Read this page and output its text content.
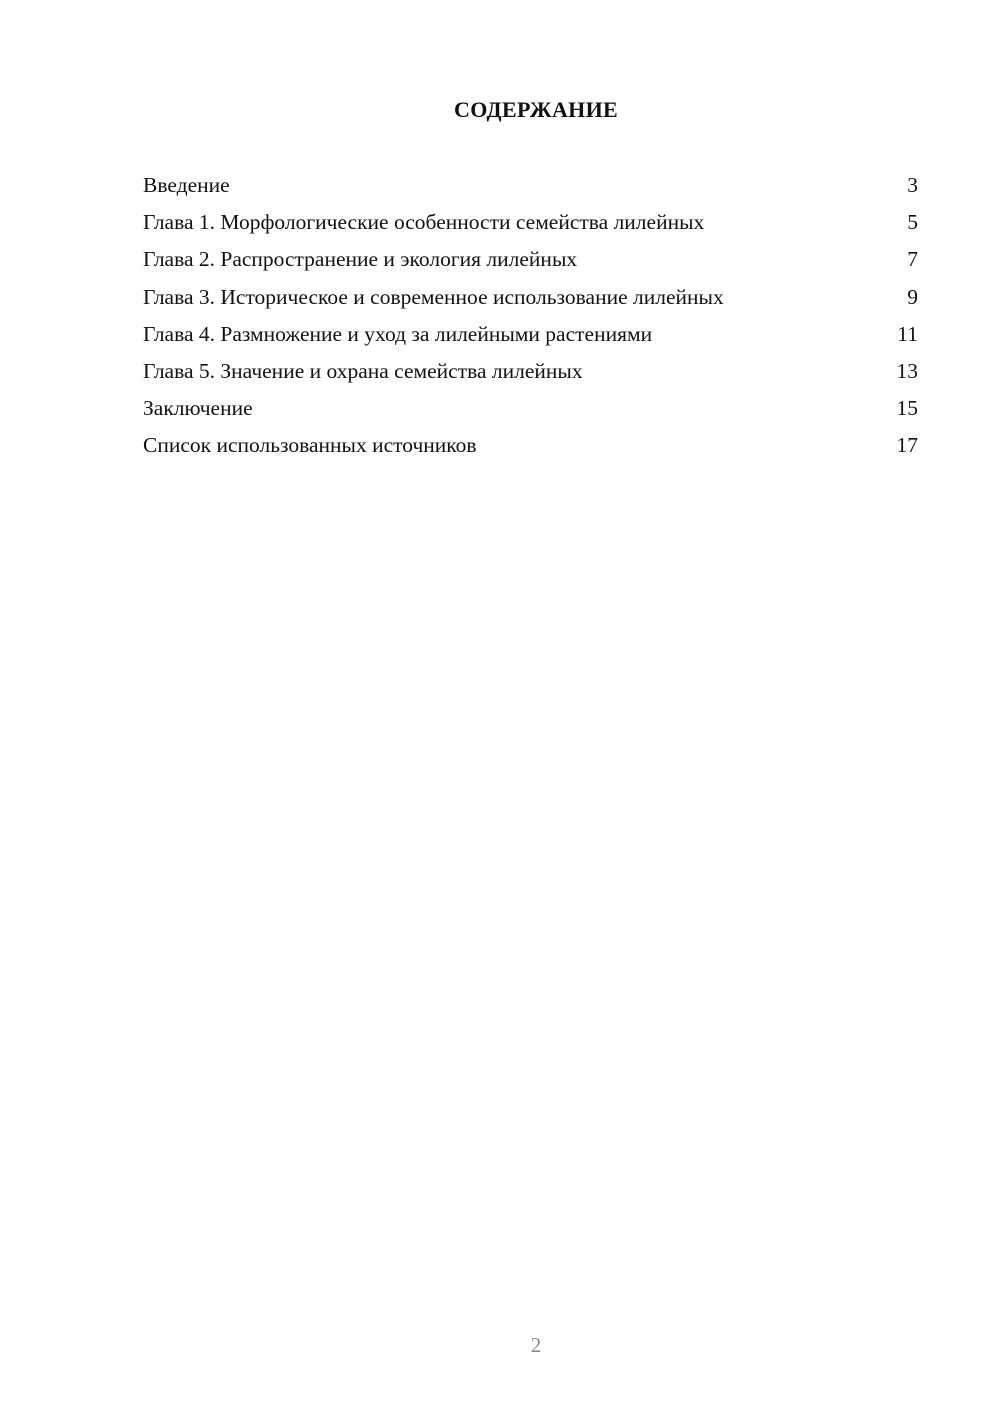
СОДЕРЖАНИЕ
Введение	3
Глава 1. Морфологические особенности семейства лилейных	5
Глава 2. Распространение и экология лилейных	7
Глава 3. Историческое и современное использование лилейных	9
Глава 4. Размножение и уход за лилейными растениями	11
Глава 5. Значение и охрана семейства лилейных	13
Заключение	15
Список использованных источников	17
2
